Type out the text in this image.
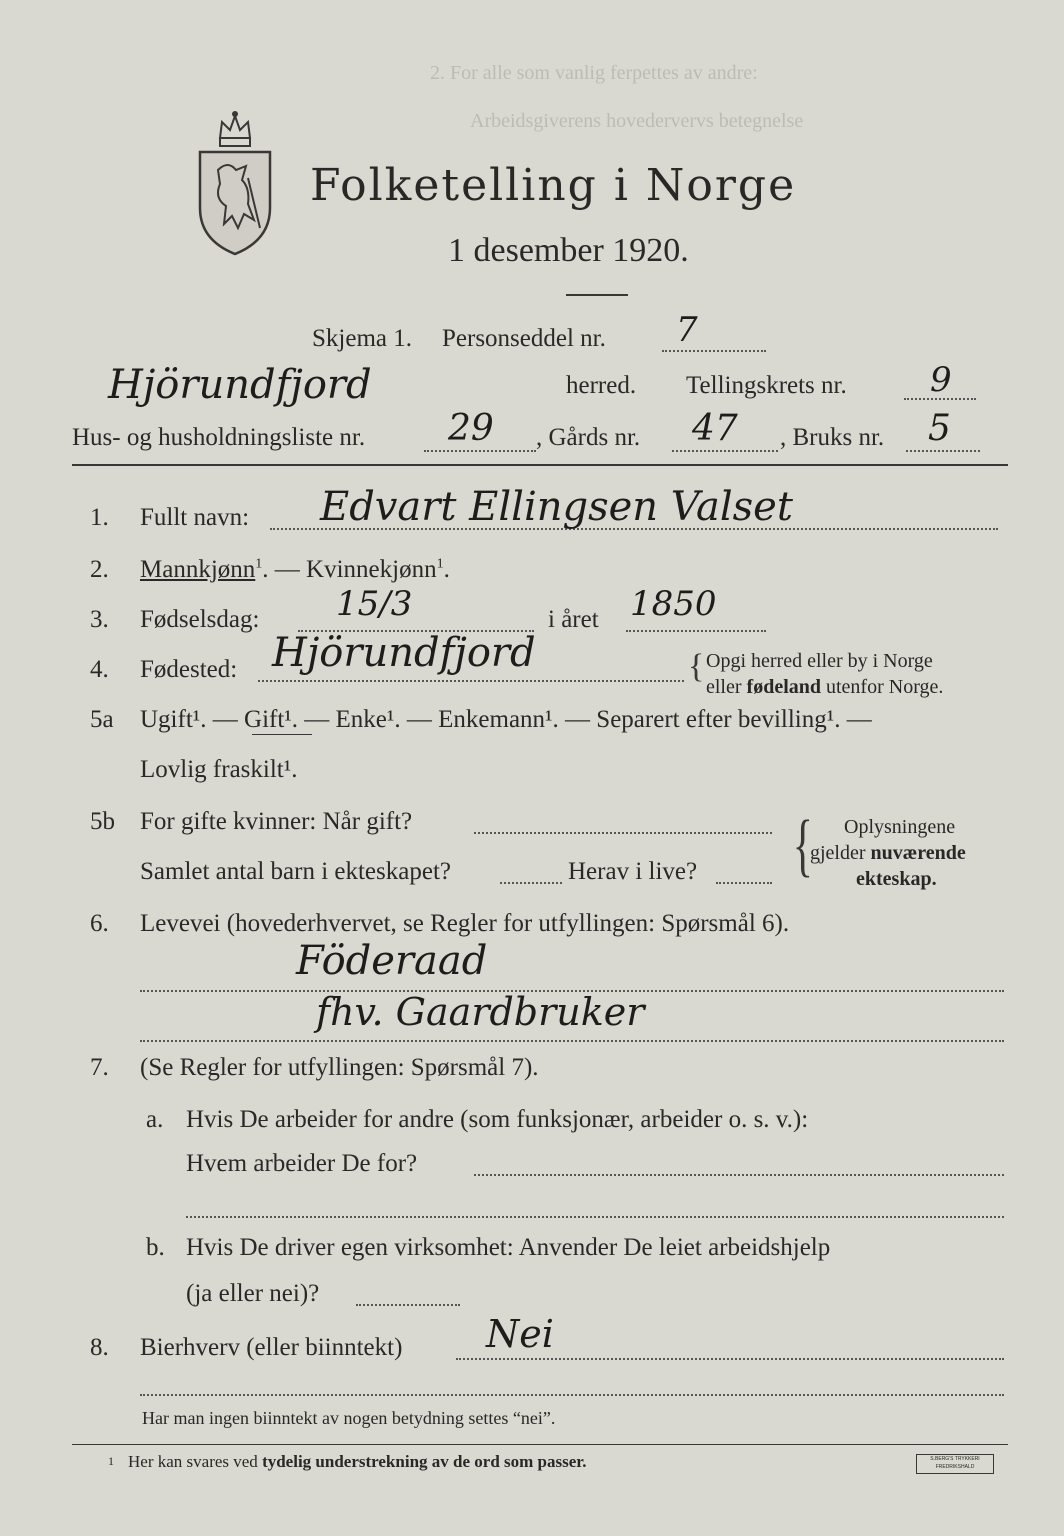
2. For alle som vanlig ferpettes av andre:
Arbeidsgiverens hovedervervs betegnelse
Folketelling i Norge
1 desember 1920.
Skjema 1. Personseddel nr. 7
Hjörundfjord	herred. Tellingskrets nr. 9
Hus- og husholdningsliste nr. 29 , Gårds nr. 47 , Bruks nr. 5
1. Fullt navn: Edvart Ellingsen Valset
2. Mannkjønn$^1$. — Kvinnekjønn$^1$.
3. Fødselsdag: 15/3	i året 1850
4. Fødested: Hjörundfjord	{ Opgi herred eller by i Norge
eller fødeland utenfor Norge.
5a Ugift¹. — Gift¹. — Enke¹. — Enkemann¹. — Separert efter bevilling¹. —
Lovlig fraskilt¹.
5b For gifte kvinner: Når gift?
Samlet antal barn i ekteskapet?	Herav i live? { Oplysningene
gjelder nuværende
ekteskap.
6. Levevei (hovederhvervet, se Regler for utfyllingen: Spørsmål 6).
Föderaad
fhv. Gaardbruker
7. (Se Regler for utfyllingen: Spørsmål 7).
a. Hvis De arbeider for andre (som funksjonær, arbeider o. s. v.):
Hvem arbeider De for?
b. Hvis De driver egen virksomhet: Anvender De leiet arbeidshjelp
(ja eller nei)?
8. Bierhverv (eller biinntekt) Nei
Har man ingen biinntekt av nogen betydning settes “nei”.
1 Her kan svares ved tydelig understrekning av de ord som passer.	S.BERG'S TRYKKERI FREDRIKSHALD
